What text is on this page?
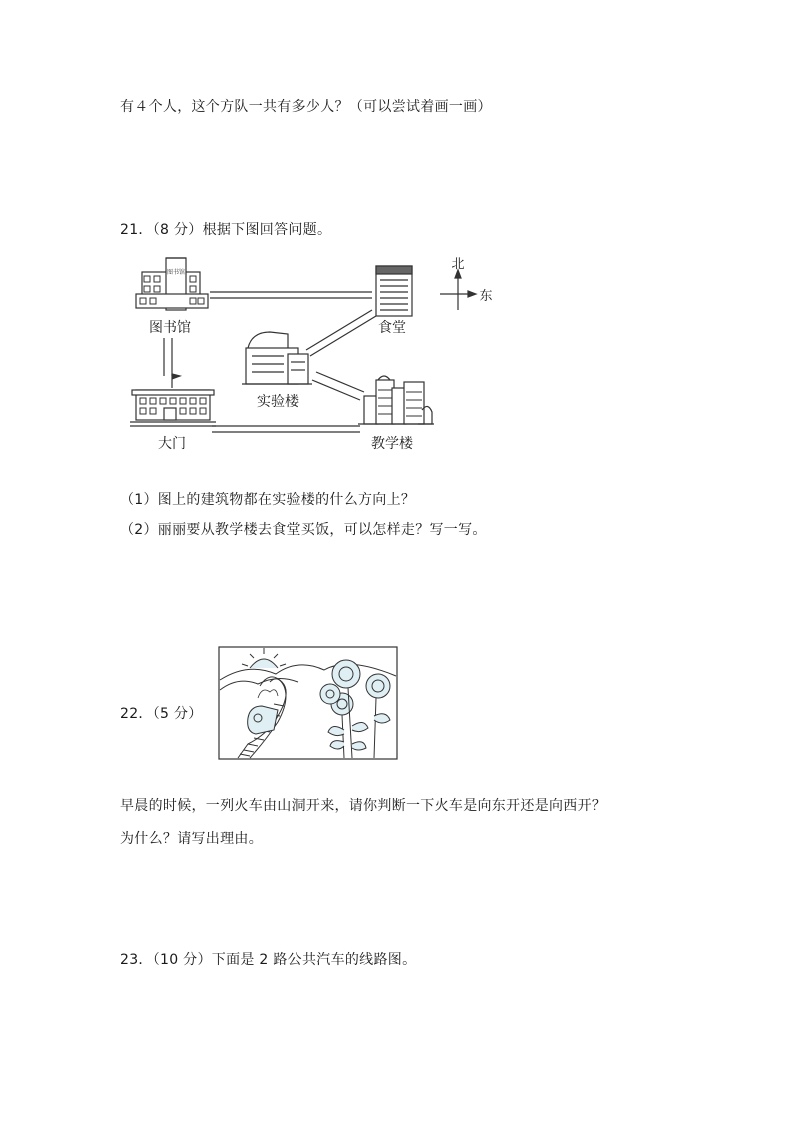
有４个人，这个方队一共有多少人？（可以尝试着画一画）
21．（8 分）根据下图回答问题。
图书馆
图书馆	食堂
实验楼
大门	教学楼
北
东
（1）图上的建筑物都在实验楼的什么方向上？
（2）丽丽要从教学楼去食堂买饭，可以怎样走？写一写。
22．（5 分）
早晨的时候，一列火车由山洞开来，请你判断一下火车是向东开还是向西开？
为什么？请写出理由。
23．（10 分）下面是 2 路公共汽车的线路图。
